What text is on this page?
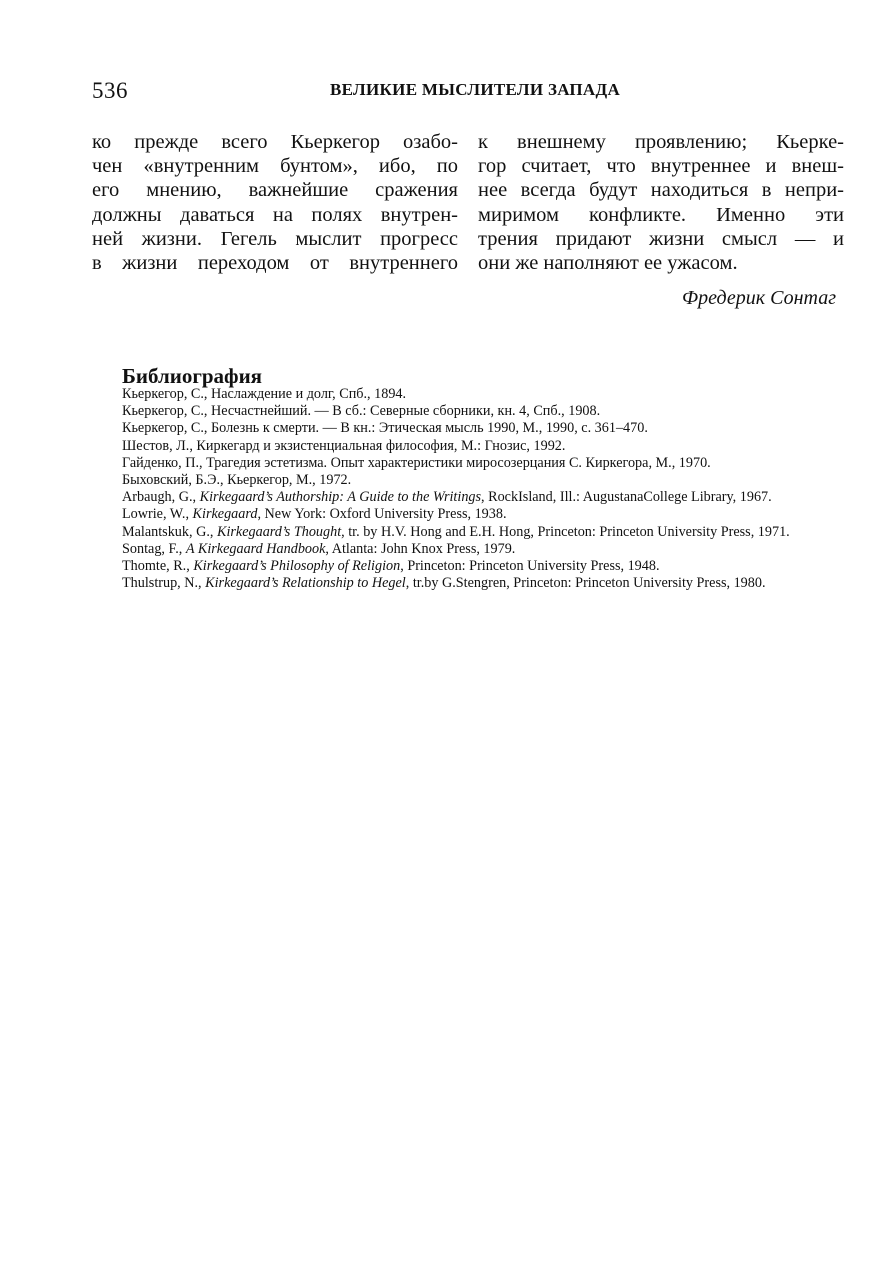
536	ВЕЛИКИЕ МЫСЛИТЕЛИ ЗАПАДА
ко прежде всего Кьеркегор озабо-
чен «внутренним бунтом», ибо, по
его мнению, важнейшие сражения
должны даваться на полях внутрен-
ней жизни. Гегель мыслит прогресс
в жизни переходом от внутреннего
к внешнему проявлению; Кьерке-
гор считает, что внутреннее и внеш-
нее всегда будут находиться в непри-
миримом конфликте. Именно эти
трения придают жизни смысл — и
они же наполняют ее ужасом.
Фредерик Сонтаг
Библиография
Кьеркегор, С., Наслаждение и долг, Спб., 1894.
Кьеркегор, С., Несчастнейший. — В сб.: Северные сборники, кн. 4, Спб., 1908.
Кьеркегор, С., Болезнь к смерти. — В кн.: Этическая мысль 1990, М., 1990, с. 361–470.
Шестов, Л., Киркегард и экзистенциальная философия, М.: Гнозис, 1992.
Гайденко, П., Трагедия эстетизма. Опыт характеристики миросозерцания С. Киркегора, М., 1970.
Быховский, Б.Э., Кьеркегор, М., 1972.
Arbaugh, G., Kirkegaard’s Authorship: A Guide to the Writings, RockIsland, Ill.: AugustanaCollege Library, 1967.
Lowrie, W., Kirkegaard, New York: Oxford University Press, 1938.
Malantskuk, G., Kirkegaard’s Thought, tr. by H.V. Hong and E.H. Hong, Princeton: Princeton University Press, 1971.
Sontag, F., A Kirkegaard Handbook, Atlanta: John Knox Press, 1979.
Thomte, R., Kirkegaard’s Philosophy of Religion, Princeton: Princeton University Press, 1948.
Thulstrup, N., Kirkegaard’s Relationship to Hegel, tr.by G.Stengren, Princeton: Princeton University Press, 1980.
